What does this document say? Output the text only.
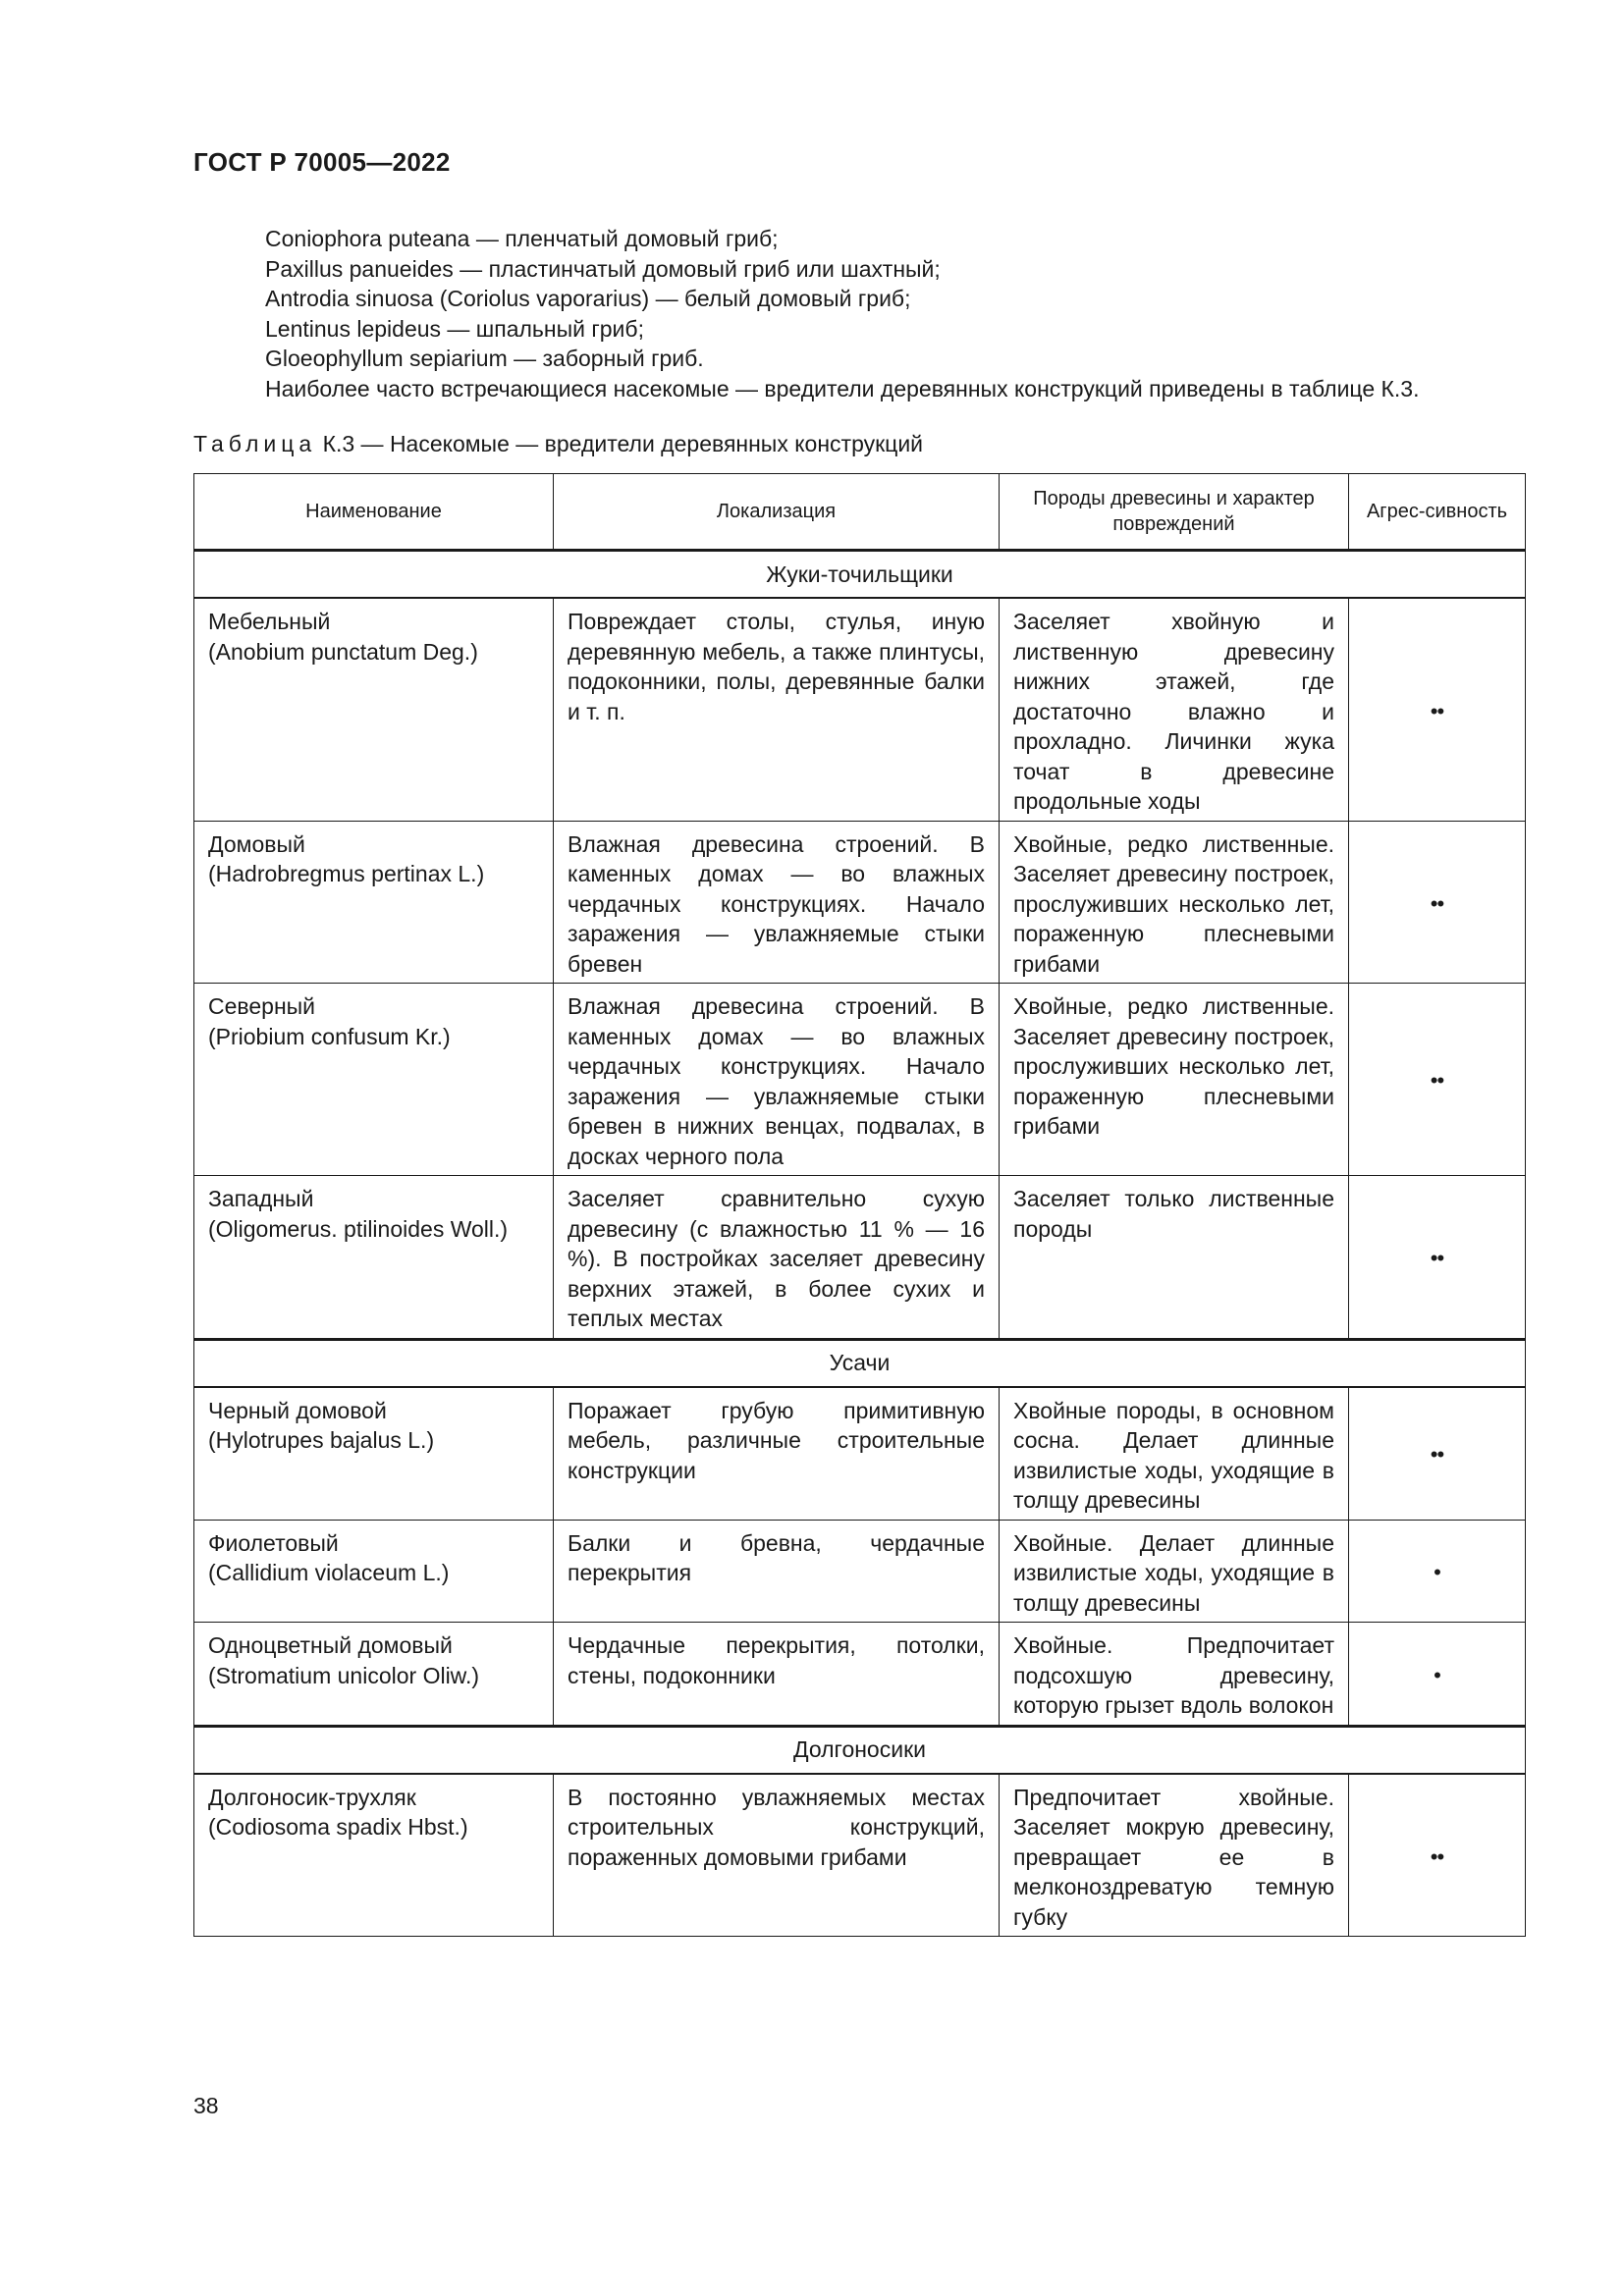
ГОСТ Р 70005—2022
Coniophora puteana — пленчатый домовый гриб;
Paxillus panueides — пластинчатый домовый гриб или шахтный;
Antrodia sinuosa (Coriolus vaporarius) — белый домовый гриб;
Lentinus lepideus — шпальный гриб;
Gloeophyllum sepiarium — заборный гриб.
Наиболее часто встречающиеся насекомые — вредители деревянных конструкций приведены в таблице К.3.
Таблица К.3 — Насекомые — вредители деревянных конструкций
Наименование	Локализация	Породы древесины и характер повреждений	Агрес-сивность
Жуки-точильщики			

Мебельный
(Anobium punctatum Deg.)	Повреждает столы, стулья, иную деревянную мебель, а также плинтусы, подоконники, полы, деревянные балки и т. п.	Заселяет хвойную и лиственную древесину нижних этажей, где достаточно влажно и прохладно. Личинки жука точат в древесине продольные ходы	••

Домовый
(Hadrobregmus pertinax L.)	Влажная древесина строений. В каменных домах — во влажных чердачных конструкциях. Начало заражения — увлажняемые стыки бревен	Хвойные, редко лиственные. Заселяет древесину построек, прослуживших несколько лет, пораженную плесневыми грибами	••

Северный
(Priobium confusum Kr.)	Влажная древесина строений. В каменных домах — во влажных чердачных конструкциях. Начало заражения — увлажняемые стыки бревен в нижних венцах, подвалах, в досках черного пола	Хвойные, редко лиственные. Заселяет древесину построек, прослуживших несколько лет, пораженную плесневыми грибами	••

Западный
(Oligomerus. ptilinoides Woll.)	Заселяет сравнительно сухую древесину (с влажностью 11 % — 16 %). В постройках заселяет древесину верхних этажей, в более сухих и теплых местах	Заселяет только лиственные породы	••
Усачи			

Черный домовой
(Hylotrupes bajalus L.)	Поражает грубую примитивную мебель, различные строительные конструкции	Хвойные породы, в основном сосна. Делает длинные извилистые ходы, уходящие в толщу древесины	••

Фиолетовый
(Callidium violaceum L.)	Балки и бревна, чердачные перекрытия	Хвойные. Делает длинные извилистые ходы, уходящие в толщу древесины	•

Одноцветный домовый
(Stromatium unicolor Oliw.)	Чердачные перекрытия, потолки, стены, подоконники	Хвойные. Предпочитает подсохшую древесину, которую грызет вдоль волокон	•
Долгоносики			

Долгоносик-трухляк
(Codiosoma spadix Hbst.)	В постоянно увлажняемых местах строительных конструкций, пораженных домовыми грибами	Предпочитает хвойные. Заселяет мокрую древесину, превращает ее в мелконоздреватую темную губку	••
38
